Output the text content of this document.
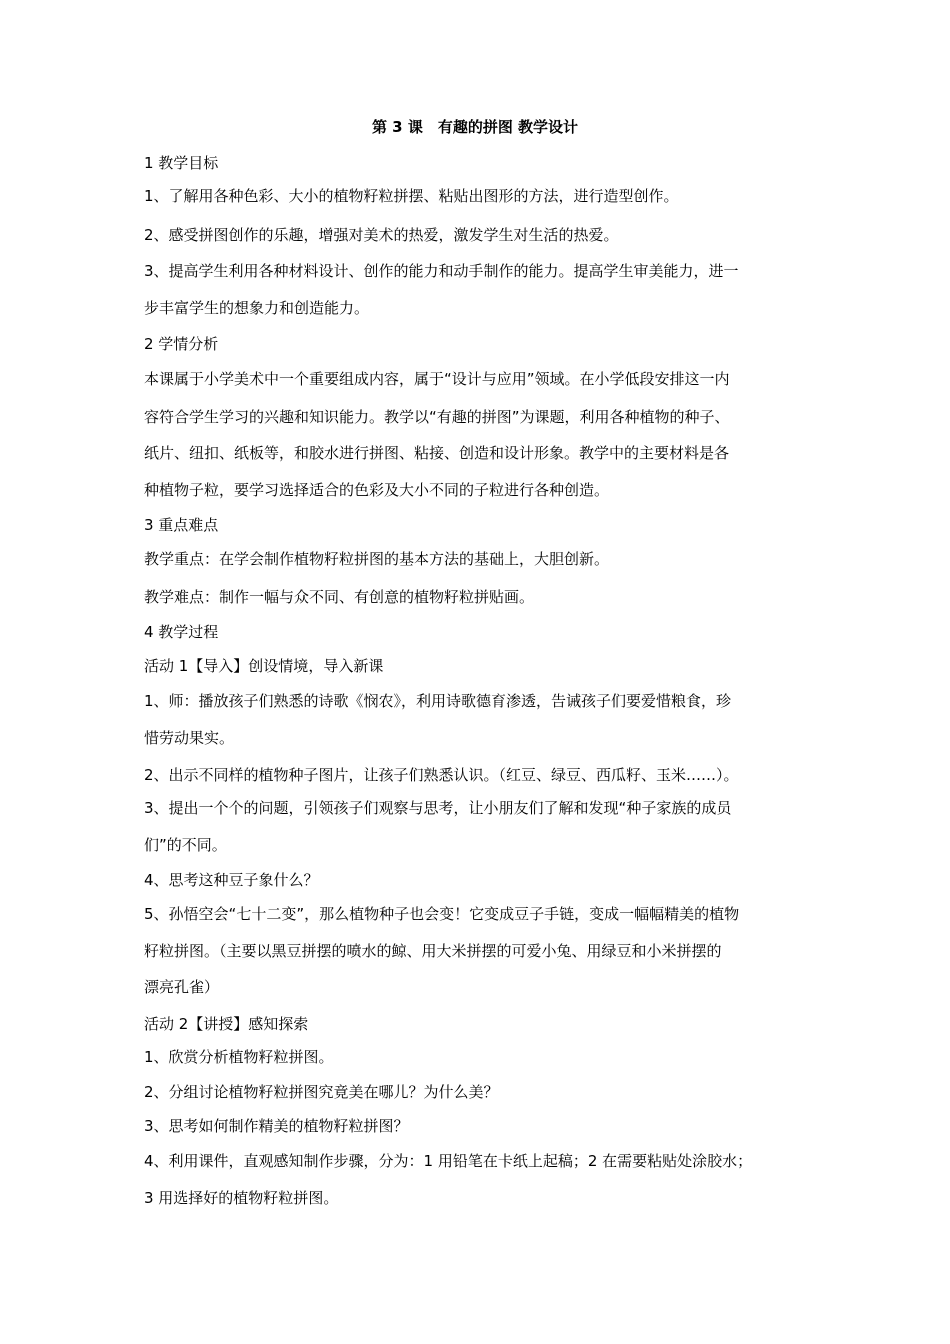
第 3 课　有趣的拼图 教学设计
1 教学目标
1、了解用各种色彩、大小的植物籽粒拼摆、粘贴出图形的方法，进行造型创作。
2、感受拼图创作的乐趣，增强对美术的热爱，激发学生对生活的热爱。
3、提高学生利用各种材料设计、创作的能力和动手制作的能力。提高学生审美能力，进一
步丰富学生的想象力和创造能力。
2 学情分析
本课属于小学美术中一个重要组成内容，属于“设计与应用”领域。在小学低段安排这一内
容符合学生学习的兴趣和知识能力。教学以“有趣的拼图”为课题，利用各种植物的种子、
纸片、纽扣、纸板等，和胶水进行拼图、粘接、创造和设计形象。教学中的主要材料是各
种植物子粒，要学习选择适合的色彩及大小不同的子粒进行各种创造。
3 重点难点
教学重点：在学会制作植物籽粒拼图的基本方法的基础上，大胆创新。
教学难点：制作一幅与众不同、有创意的植物籽粒拼贴画。
4 教学过程
活动 1【导入】创设情境，导入新课
1、师：播放孩子们熟悉的诗歌《悯农》，利用诗歌德育渗透，告诫孩子们要爱惜粮食，珍
惜劳动果实。
2、出示不同样的植物种子图片，让孩子们熟悉认识。（红豆、绿豆、西瓜籽、玉米……）。
3、提出一个个的问题，引领孩子们观察与思考，让小朋友们了解和发现“种子家族的成员
们”的不同。
4、思考这种豆子象什么？
5、孙悟空会“七十二变”，那么植物种子也会变！它变成豆子手链，变成一幅幅精美的植物
籽粒拼图。（主要以黑豆拼摆的喷水的鲸、用大米拼摆的可爱小兔、用绿豆和小米拼摆的
漂亮孔雀）
活动 2【讲授】感知探索
1、欣赏分析植物籽粒拼图。
2、分组讨论植物籽粒拼图究竟美在哪儿？为什么美？
3、思考如何制作精美的植物籽粒拼图？
4、利用课件，直观感知制作步骤，分为：1 用铅笔在卡纸上起稿；2 在需要粘贴处涂胶水；
3 用选择好的植物籽粒拼图。
